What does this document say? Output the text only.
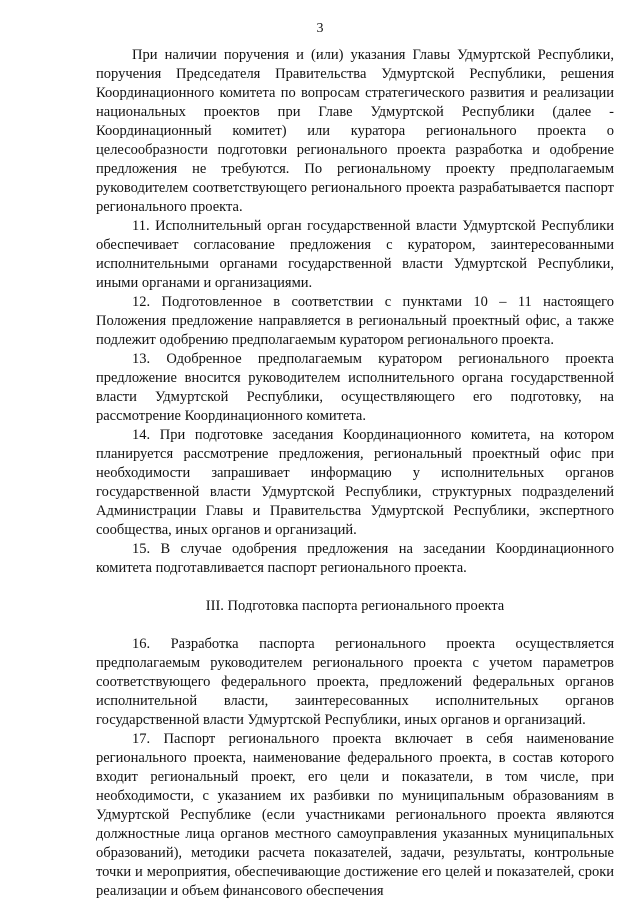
3

При наличии поручения и (или) указания Главы Удмуртской Республики, поручения Председателя Правительства Удмуртской Республики, решения Координационного комитета по вопросам стратегического развития и реализации национальных проектов при Главе Удмуртской Республики (далее - Координационный комитет) или куратора регионального проекта о целесообразности подготовки регионального проекта разработка и одобрение предложения не требуются. По региональному проекту предполагаемым руководителем соответствующего регионального проекта разрабатывается паспорт регионального проекта.

11. Исполнительный орган государственной власти Удмуртской Республики обеспечивает согласование предложения с куратором, заинтересованными исполнительными органами государственной власти Удмуртской Республики, иными органами и организациями.

12. Подготовленное в соответствии с пунктами 10 – 11 настоящего Положения предложение направляется в региональный проектный офис, а также подлежит одобрению предполагаемым куратором регионального проекта.

13. Одобренное предполагаемым куратором регионального проекта предложение вносится руководителем исполнительного органа государственной власти Удмуртской Республики, осуществляющего его подготовку, на рассмотрение Координационного комитета.

14. При подготовке заседания Координационного комитета, на котором планируется рассмотрение предложения, региональный проектный офис при необходимости запрашивает информацию у исполнительных органов государственной власти Удмуртской Республики, структурных подразделений Администрации Главы и Правительства Удмуртской Республики, экспертного сообщества, иных органов и организаций.

15. В случае одобрения предложения на заседании Координационного комитета подготавливается паспорт регионального проекта.

III. Подготовка паспорта регионального проекта

16. Разработка паспорта регионального проекта осуществляется предполагаемым руководителем регионального проекта с учетом параметров соответствующего федерального проекта, предложений федеральных органов исполнительной власти, заинтересованных исполнительных органов государственной власти Удмуртской Республики, иных органов и организаций.

17. Паспорт регионального проекта включает в себя наименование регионального проекта, наименование федерального проекта, в состав которого входит региональный проект, его цели и показатели, в том числе, при необходимости, с указанием их разбивки по муниципальным образованиям в Удмуртской Республике (если участниками регионального проекта являются должностные лица органов местного самоуправления указанных муниципальных образований), методики расчета показателей, задачи, результаты, контрольные точки и мероприятия, обеспечивающие достижение его целей и показателей, сроки реализации и объем финансового обеспечения
